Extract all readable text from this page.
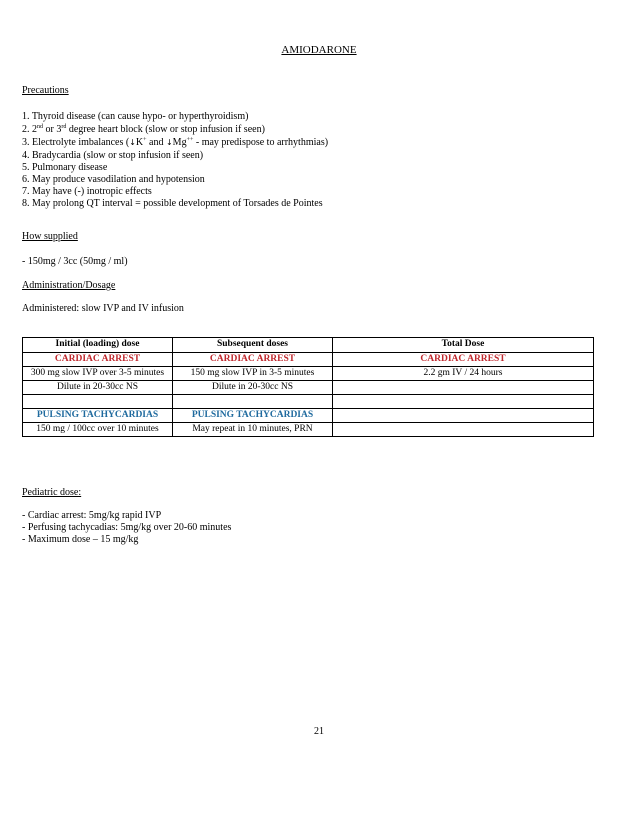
AMIODARONE
Precautions
1. Thyroid disease (can cause hypo- or hyperthyroidism)
2. 2nd or 3rd degree heart block (slow or stop infusion if seen)
3. Electrolyte imbalances (↓K+ and ↓Mg++ - may predispose to arrhythmias)
4. Bradycardia (slow or stop infusion if seen)
5. Pulmonary disease
6. May produce vasodilation and hypotension
7. May have (-) inotropic effects
8. May prolong QT interval = possible development of Torsades de Pointes
How supplied
- 150mg / 3cc (50mg / ml)
Administration/Dosage
Administered: slow IVP and IV infusion
Initial (loading) dose	Subsequent doses	Total Dose
CARDIAC ARREST	CARDIAC ARREST	CARDIAC ARREST
300 mg slow IVP over 3-5 minutes	150 mg slow IVP in 3-5 minutes	2.2 gm IV / 24 hours
Dilute in 20-30cc NS	Dilute in 20-30cc NS	

PULSING TACHYCARDIAS	PULSING TACHYCARDIAS	
150 mg / 100cc over 10 minutes	May repeat in 10 minutes, PRN	
Pediatric dose:
- Cardiac arrest: 5mg/kg rapid IVP
- Perfusing tachycadias: 5mg/kg over 20-60 minutes
- Maximum dose – 15 mg/kg
21
